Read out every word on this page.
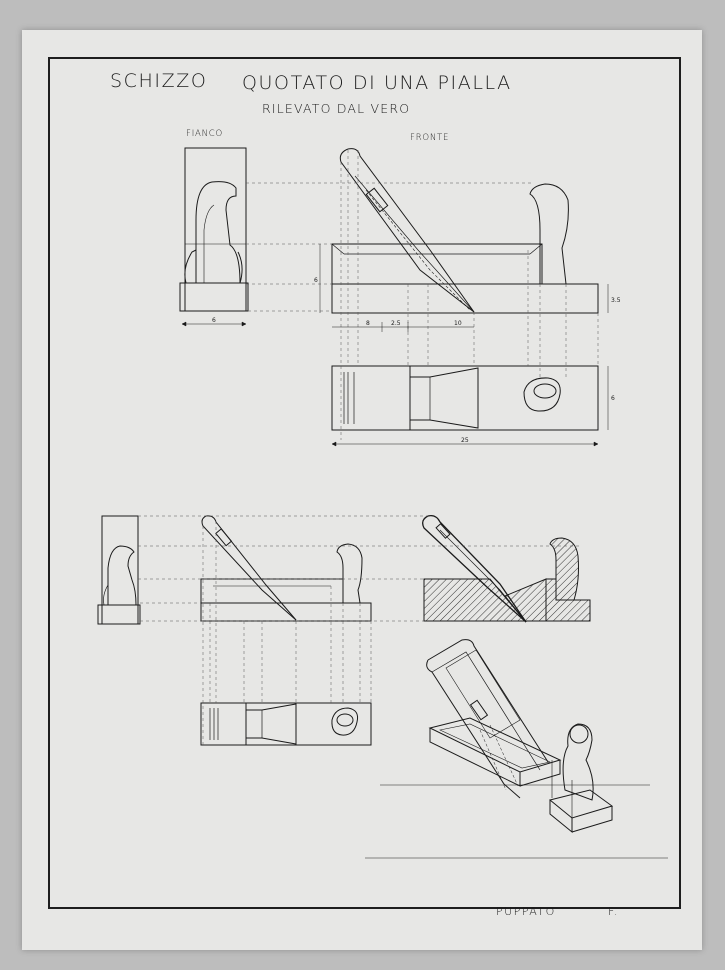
SCHIZZO QUOTATO DI UNA PIALLA
RILEVATO DAL VERO
FIANCO	FRONTE
6
6
3.5
8	2.5	10
6
25
PUPPATO	F.
